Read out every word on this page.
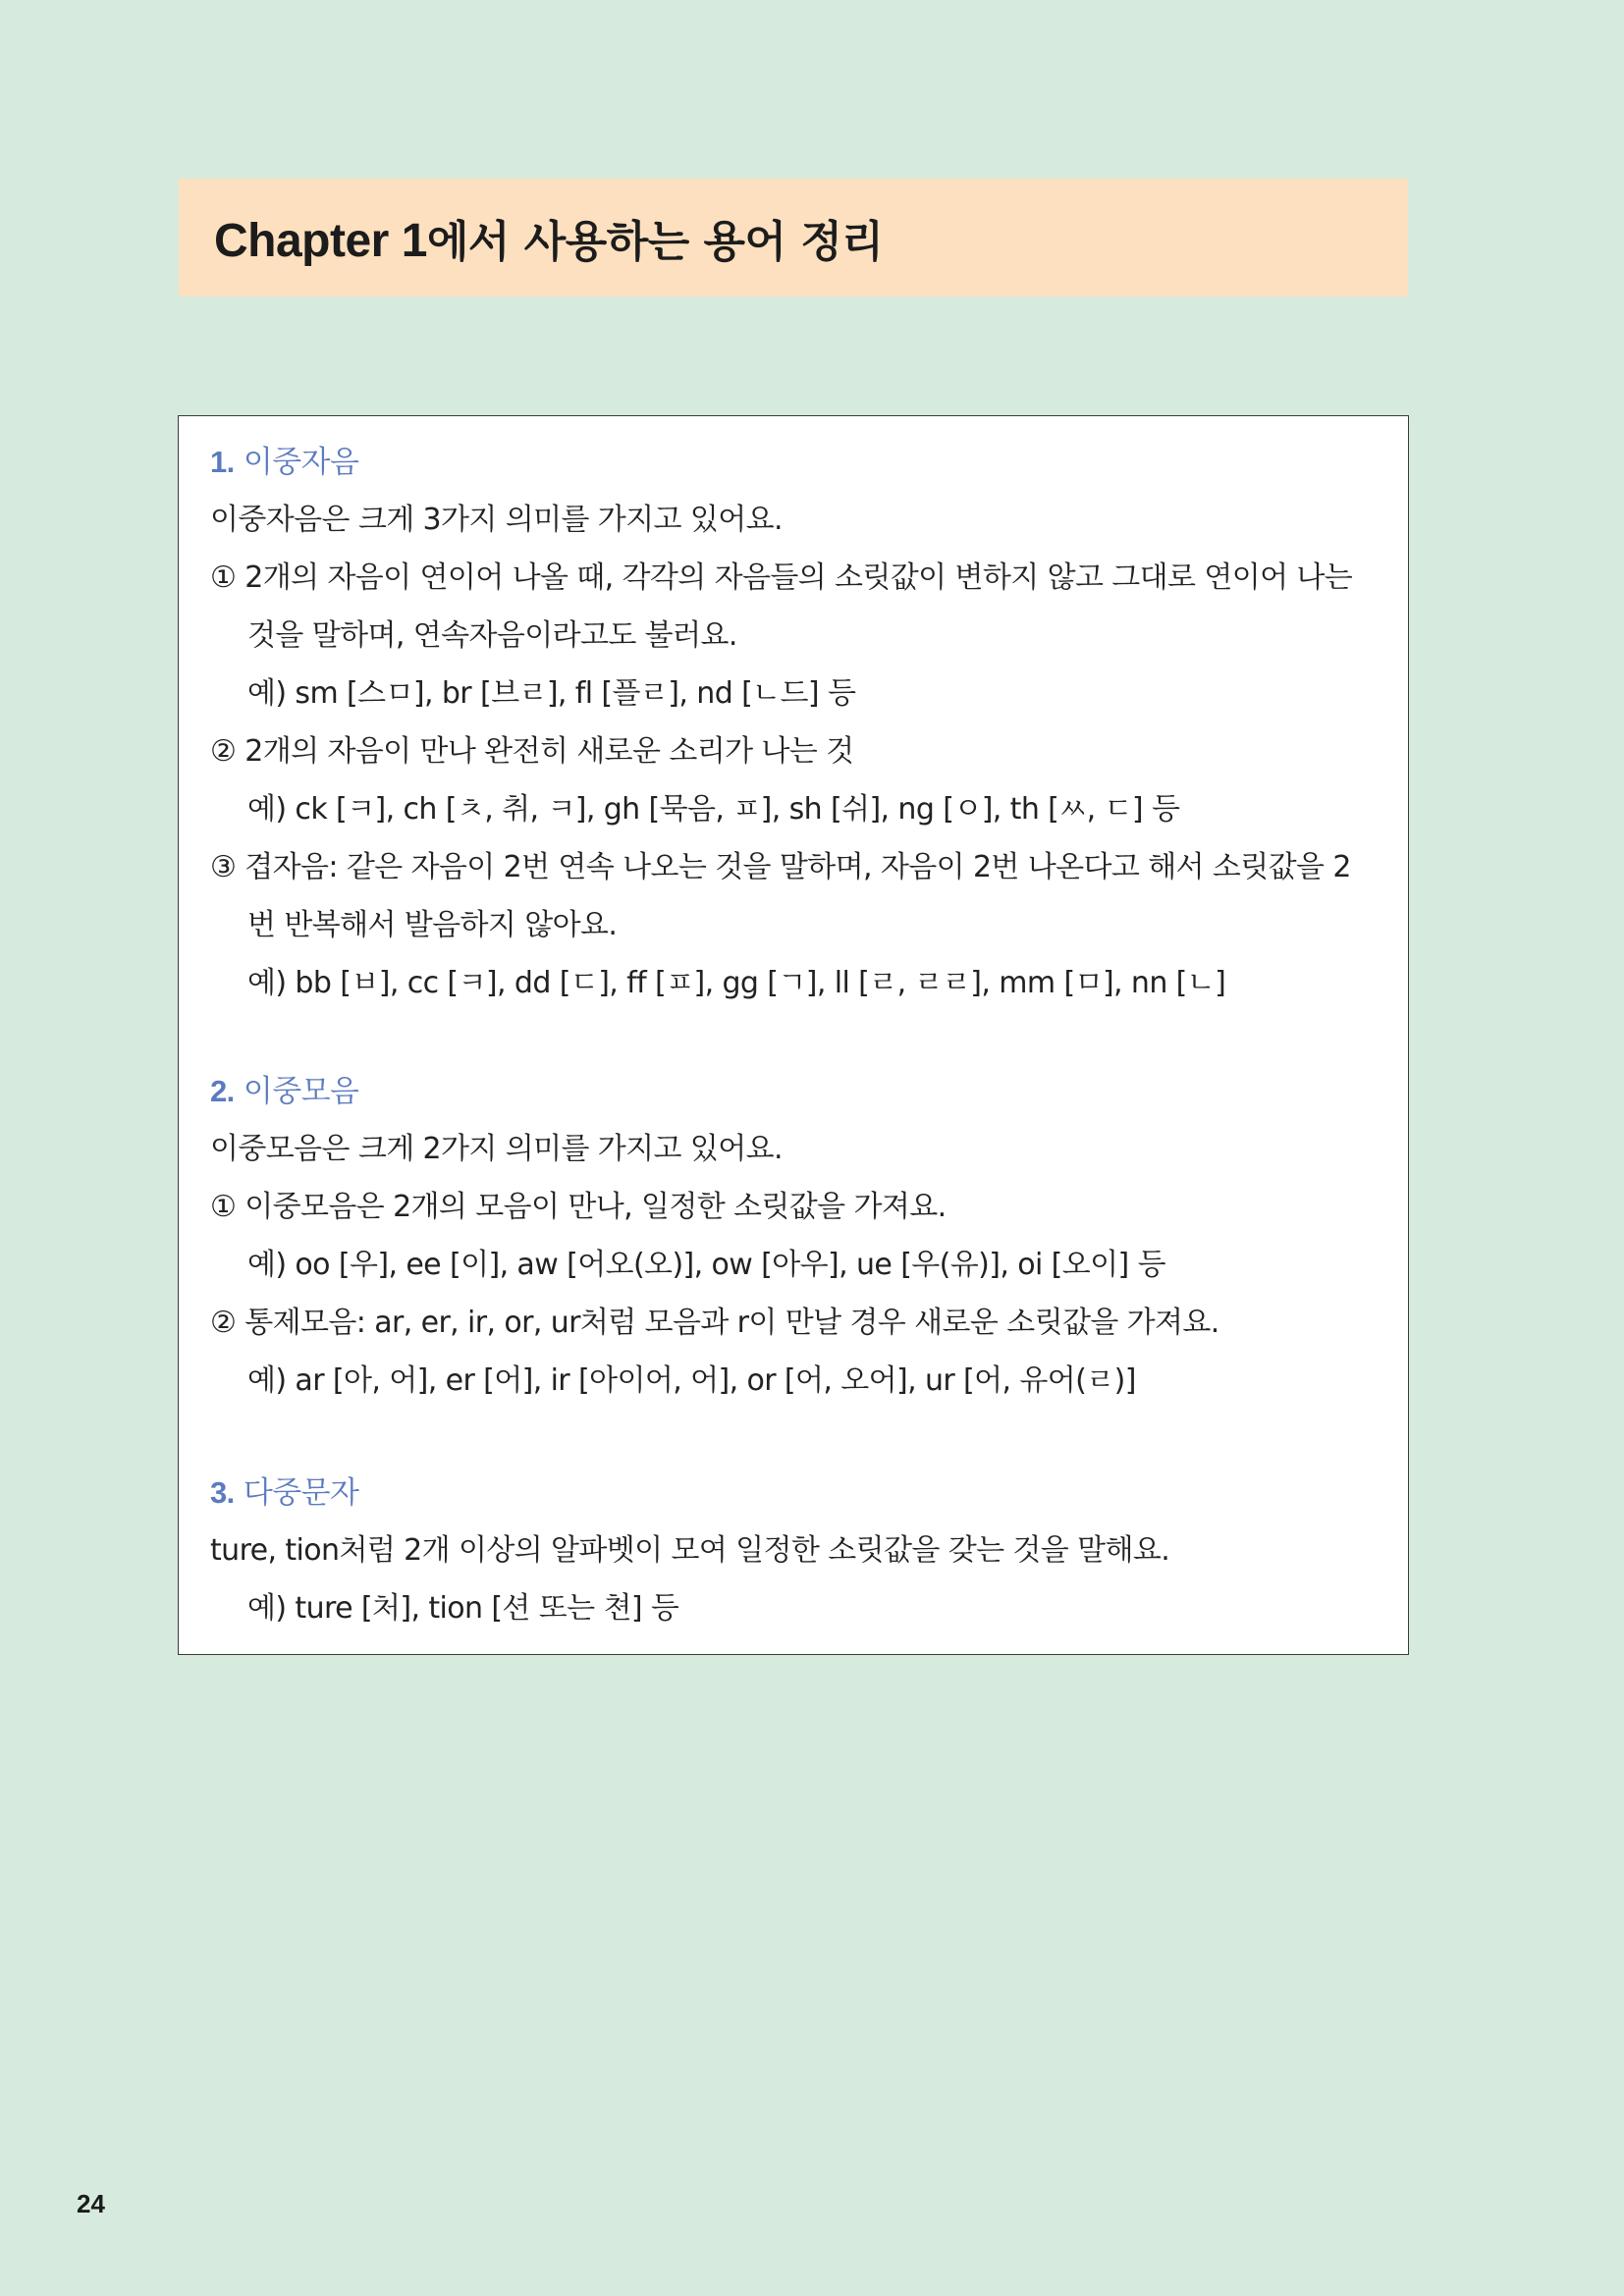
Chapter 1에서 사용하는 용어 정리
1. 이중자음
이중자음은 크게 3가지 의미를 가지고 있어요.
① 2개의 자음이 연이어 나올 때, 각각의 자음들의 소릿값이 변하지 않고 그대로 연이어 나는
것을 말하며, 연속자음이라고도 불러요.
예) sm [스ㅁ], br [브ㄹ], fl [플ㄹ], nd [ㄴ드] 등
② 2개의 자음이 만나 완전히 새로운 소리가 나는 것
예) ck [ㅋ], ch [ㅊ, 취, ㅋ], gh [묵음, ㅍ], sh [쉬], ng [ㅇ], th [ㅆ, ㄷ] 등
③ 겹자음: 같은 자음이 2번 연속 나오는 것을 말하며, 자음이 2번 나온다고 해서 소릿값을 2
번 반복해서 발음하지 않아요.
예) bb [ㅂ], cc [ㅋ], dd [ㄷ], ff [ㅍ], gg [ㄱ], ll [ㄹ, ㄹㄹ], mm [ㅁ], nn [ㄴ]
2. 이중모음
이중모음은 크게 2가지 의미를 가지고 있어요.
① 이중모음은 2개의 모음이 만나, 일정한 소릿값을 가져요.
예) oo [우], ee [이], aw [어오(오)], ow [아우], ue [우(유)], oi [오이] 등
② 통제모음: ar, er, ir, or, ur처럼 모음과 r이 만날 경우 새로운 소릿값을 가져요.
예) ar [아, 어], er [어], ir [아이어, 어], or [어, 오어], ur [어, 유어(ㄹ)]
3. 다중문자
ture, tion처럼 2개 이상의 알파벳이 모여 일정한 소릿값을 갖는 것을 말해요.
예) ture [처], tion [션 또는 쳔] 등
24
